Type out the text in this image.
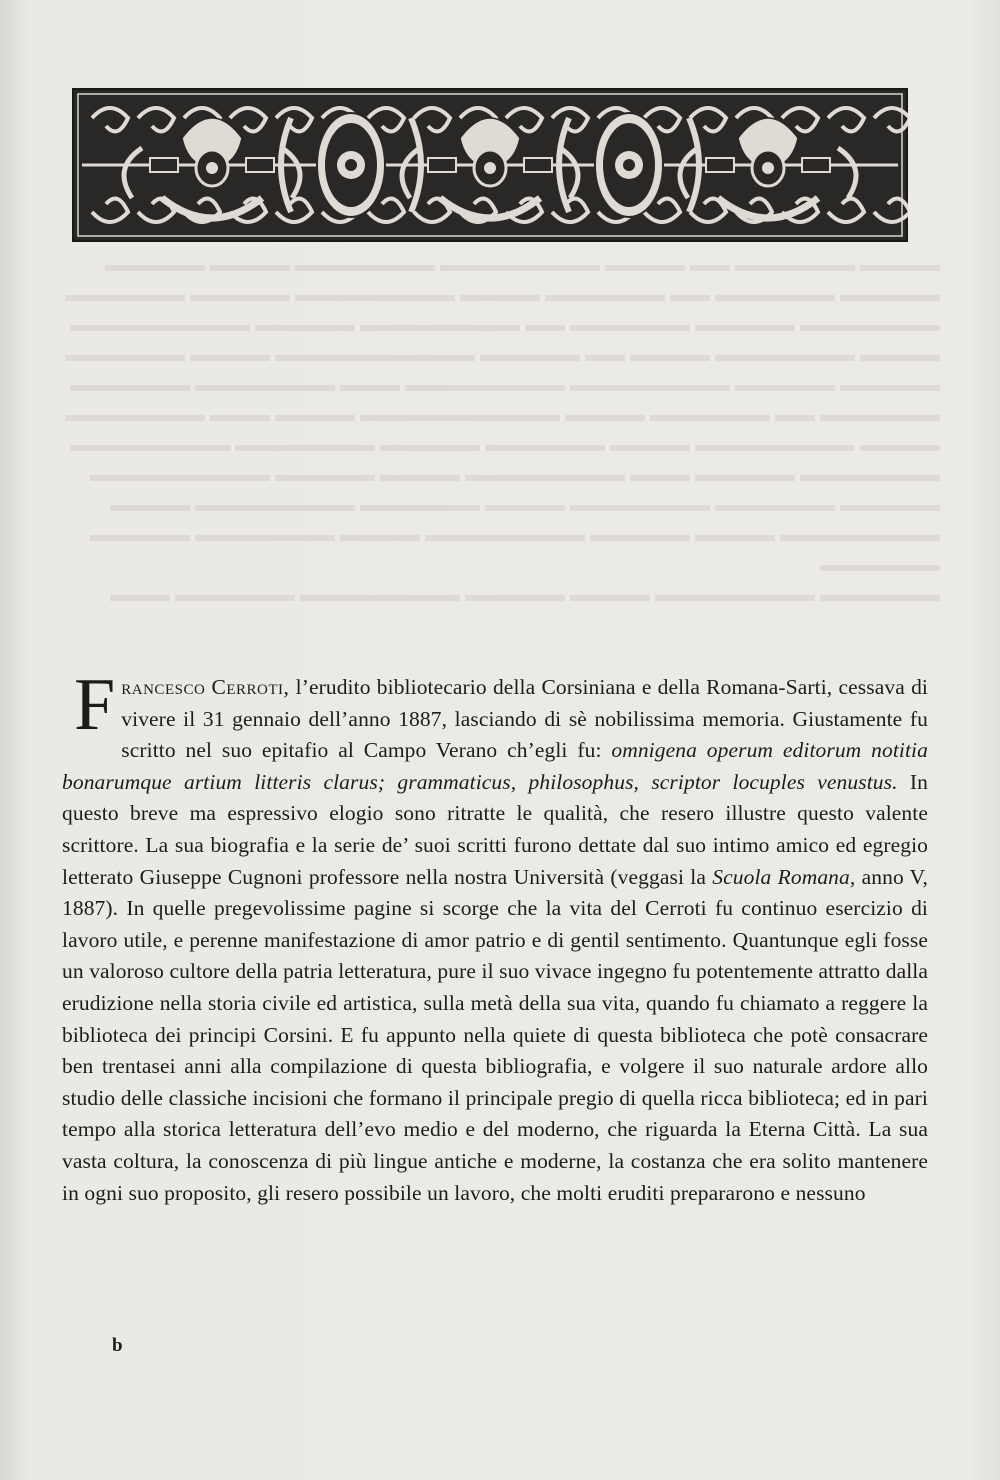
▬▬▬▬ ▬▬▬▬▬▬ ▬▬ ▬▬▬▬ ▬▬▬▬▬▬▬▬ ▬▬▬▬▬▬▬ ▬▬▬▬ ▬▬▬▬▬
▬▬▬▬▬ ▬▬▬▬▬▬ ▬▬ ▬▬▬▬▬▬ ▬▬▬▬ ▬▬▬▬▬▬▬▬ ▬▬▬▬▬ ▬▬▬▬▬▬
▬▬▬▬▬▬▬ ▬▬▬▬▬ ▬▬▬▬▬▬ ▬▬ ▬▬▬▬▬▬▬▬ ▬▬▬▬▬ ▬▬▬▬▬▬▬▬▬
▬▬▬▬ ▬▬▬▬▬▬▬ ▬▬▬▬ ▬▬ ▬▬▬▬▬ ▬▬▬▬▬▬▬▬▬▬ ▬▬▬▬ ▬▬▬▬▬▬
▬▬▬▬▬ ▬▬▬▬▬ ▬▬▬▬▬▬▬▬ ▬▬▬▬▬▬▬▬ ▬▬▬ ▬▬▬▬▬▬▬ ▬▬▬▬▬▬
▬▬▬▬▬▬ ▬▬ ▬▬▬▬▬▬ ▬▬▬▬ ▬▬▬▬▬▬▬▬▬▬ ▬▬▬▬ ▬▬▬ ▬▬▬▬▬▬▬
▬▬▬▬ ▬▬▬▬▬▬▬▬ ▬▬▬▬ ▬▬▬▬▬▬ ▬▬▬▬▬ ▬▬▬▬▬▬▬ ▬▬▬▬▬▬▬▬
▬▬▬▬▬▬▬ ▬▬▬▬▬ ▬▬▬ ▬▬▬▬▬▬▬▬ ▬▬▬▬ ▬▬▬▬▬ ▬▬▬▬▬▬▬▬▬
▬▬▬▬▬ ▬▬▬▬▬▬ ▬▬▬▬▬▬▬ ▬▬▬▬ ▬▬▬▬▬▬ ▬▬▬▬▬▬▬▬ ▬▬▬▬
▬▬▬▬▬▬▬▬ ▬▬▬▬ ▬▬▬▬▬ ▬▬▬▬▬▬▬▬ ▬▬▬▬ ▬▬▬▬▬▬▬ ▬▬▬▬▬
▬▬▬▬▬▬
▬▬▬▬▬▬ ▬▬▬▬▬▬▬▬ ▬▬▬▬ ▬▬▬▬▬ ▬▬▬▬▬▬▬▬ ▬▬▬▬▬▬ ▬▬▬

Francesco Cerroti, l’erudito bibliotecario della Corsiniana e della Romana-Sarti, cessava di vivere il 31 gennaio dell’anno 1887, lasciando di sè nobilissima memoria. Giustamente fu scritto nel suo epitafio al Campo Verano ch’egli fu: omnigena operum editorum notitia bonarumque artium litteris clarus; grammaticus, philosophus, scriptor locuples venustus. In questo breve ma espressivo elogio sono ritratte le qualità, che resero illustre questo valente scrittore. La sua biografia e la serie de’ suoi scritti furono dettate dal suo intimo amico ed egregio letterato Giuseppe Cugnoni professore nella nostra Università (veggasi la Scuola Romana, anno V, 1887). In quelle pregevolissime pagine si scorge che la vita del Cerroti fu continuo esercizio di lavoro utile, e perenne manifestazione di amor patrio e di gentil sentimento. Quantunque egli fosse un valoroso cultore della patria letteratura, pure il suo vivace ingegno fu potentemente attratto dalla erudizione nella storia civile ed artistica, sulla metà della sua vita, quando fu chiamato a reggere la biblioteca dei principi Corsini. E fu appunto nella quiete di questa biblioteca che potè consacrare ben trentasei anni alla compilazione di questa bibliografia, e volgere il suo naturale ardore allo studio delle classiche incisioni che formano il principale pregio di quella ricca biblioteca; ed in pari tempo alla storica letteratura dell’evo medio e del moderno, che riguarda la Eterna Città. La sua vasta coltura, la conoscenza di più lingue antiche e moderne, la costanza che era solito mantenere in ogni suo proposito, gli resero possibile un lavoro, che molti eruditi prepararono e nessuno

b
